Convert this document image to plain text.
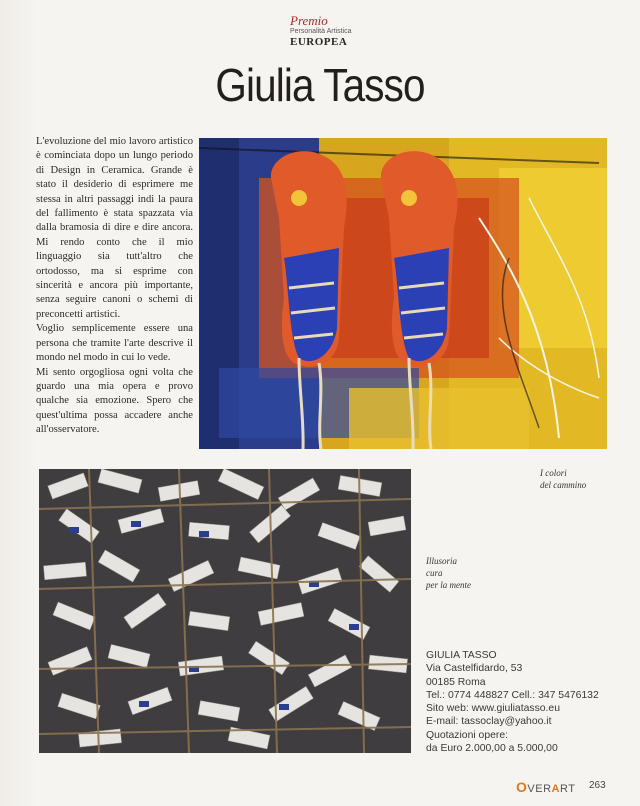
Premio
Personalità Artistica
EUROPEA
Giulia Tasso

L'evoluzione del mio lavoro artistico è cominciata dopo un lungo periodo di Design in Ceramica. Grande è stato il desiderio di esprimere me stessa in altri passaggi indi la paura del fallimento è stata spazzata via dalla bramosia di dire e dire ancora. Mi rendo conto che il mio linguaggio sia tutt'altro che ortodosso, ma si esprime con sincerità e ancora più importante, senza seguire canoni o schemi di preconcetti artistici.

Voglio semplicemente essere una persona che tramite l'arte descrive il mondo nel modo in cui lo vede.

Mi sento orgogliosa ogni volta che guardo una mia opera e provo qualche sia emozione. Spero che quest'ultima possa accadere anche all'osservatore.

I colori
del cammino
Illusoria
cura
per la mente
GIULIA TASSO
Via Castelfidardo, 53
00185 Roma
Tel.: 0774 448827 Cell.: 347 5476132
Sito web: www.giuliatasso.eu
E-mail: tassoclay@yahoo.it
Quotazioni opere:
da Euro 2.000,00 a 5.000,00
OVERART 263
